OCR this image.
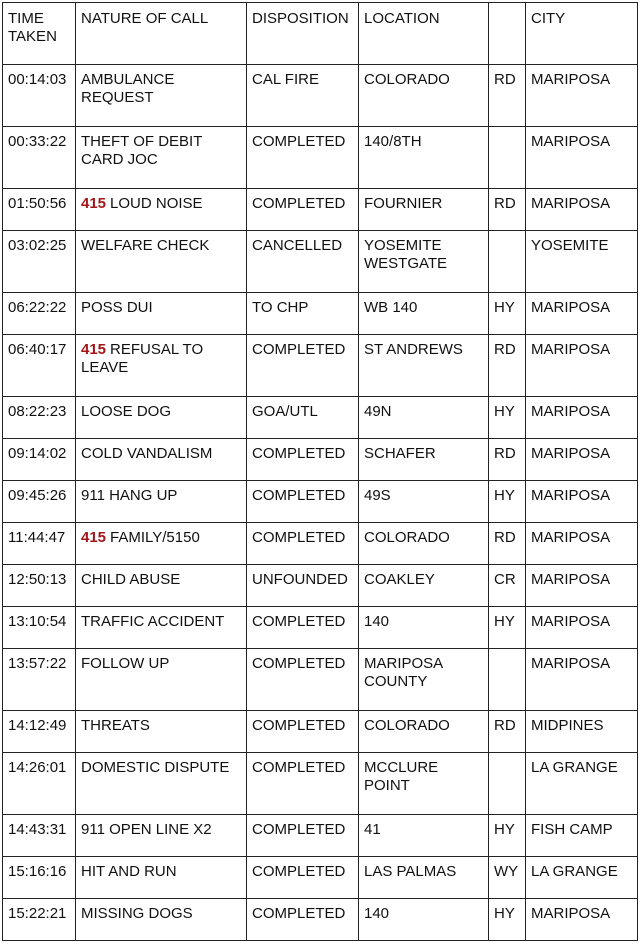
TIME TAKEN	NATURE OF CALL	DISPOSITION	LOCATION		CITY
00:14:03	AMBULANCE REQUEST	CAL FIRE	COLORADO	RD	MARIPOSA
00:33:22	THEFT OF DEBIT CARD JOC	COMPLETED	140/8TH		MARIPOSA
01:50:56	415 LOUD NOISE	COMPLETED	FOURNIER	RD	MARIPOSA
03:02:25	WELFARE CHECK	CANCELLED	YOSEMITE WESTGATE		YOSEMITE
06:22:22	POSS DUI	TO CHP	WB 140	HY	MARIPOSA
06:40:17	415 REFUSAL TO LEAVE	COMPLETED	ST ANDREWS	RD	MARIPOSA
08:22:23	LOOSE DOG	GOA/UTL	49N	HY	MARIPOSA
09:14:02	COLD VANDALISM	COMPLETED	SCHAFER	RD	MARIPOSA
09:45:26	911 HANG UP	COMPLETED	49S	HY	MARIPOSA
11:44:47	415 FAMILY/5150	COMPLETED	COLORADO	RD	MARIPOSA
12:50:13	CHILD ABUSE	UNFOUNDED	COAKLEY	CR	MARIPOSA
13:10:54	TRAFFIC ACCIDENT	COMPLETED	140	HY	MARIPOSA
13:57:22	FOLLOW UP	COMPLETED	MARIPOSA COUNTY		MARIPOSA
14:12:49	THREATS	COMPLETED	COLORADO	RD	MIDPINES
14:26:01	DOMESTIC DISPUTE	COMPLETED	MCCLURE POINT		LA GRANGE
14:43:31	911 OPEN LINE X2	COMPLETED	41	HY	FISH CAMP
15:16:16	HIT AND RUN	COMPLETED	LAS PALMAS	WY	LA GRANGE
15:22:21	MISSING DOGS	COMPLETED	140	HY	MARIPOSA
